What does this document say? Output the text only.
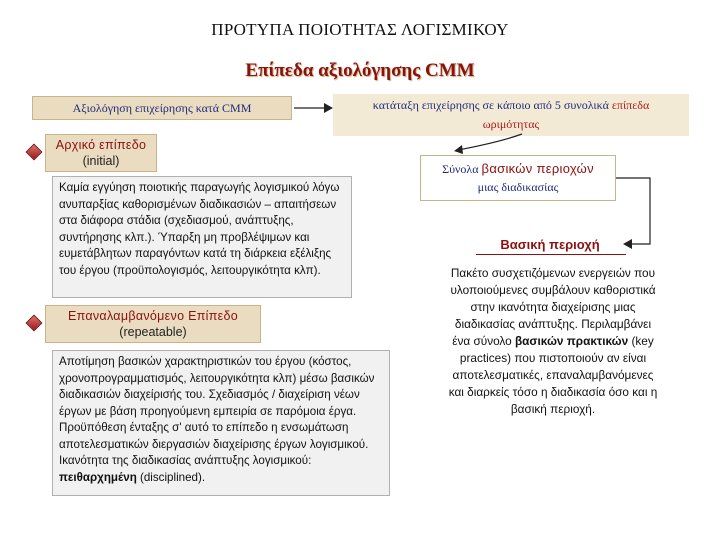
ΠΡΟΤΥΠΑ ΠΟΙΟΤΗΤΑΣ ΛΟΓΙΣΜΙΚΟΥ
Επίπεδα αξιολόγησης CMM
Αξιολόγηση επιχείρησης κατά CMM	κατάταξη επιχείρησης σε κάποιο από 5 συνολικά επίπεδα
ωριμότητας
Αρχικό επίπεδο
(initial)
Καμία εγγύηση ποιοτικής παραγωγής λογισμικού λόγω ανυπαρξίας καθορισμένων διαδικασιών – απαιτήσεων στα διάφορα στάδια (σχεδιασμού, ανάπτυξης, συντήρησης κλπ.). Ύπαρξη μη προβλέψιμων και ευμετάβλητων παραγόντων κατά τη διάρκεια εξέλιξης του έργου (προϋπολογισμός, λειτουργικότητα κλπ).
Επαναλαμβανόμενο Επίπεδο
(repeatable)
Αποτίμηση βασικών χαρακτηριστικών του έργου (κόστος, χρονοπρογραμματισμός, λειτουργικότητα κλπ) μέσω βασικών διαδικασιών διαχείρισής του. Σχεδιασμός / διαχείριση νέων έργων με βάση προηγούμενη εμπειρία σε παρόμοια έργα. Προϋπόθεση ένταξης σ' αυτό το επίπεδο η ενσωμάτωση αποτελεσματικών διεργασιών διαχείρισης έργων λογισμικού. Ικανότητα της διαδικασίας ανάπτυξης λογισμικού: πειθαρχημένη (disciplined).
Σύνολα βασικών περιοχών
μιας διαδικασίας
Βασική περιοχή
Πακέτο συσχετιζόμενων ενεργειών που υλοποιούμενες συμβάλουν καθοριστικά στην ικανότητα διαχείρισης μιας διαδικασίας ανάπτυξης. Περιλαμβάνει ένα σύνολο βασικών πρακτικών (key practices) που πιστοποιούν αν είναι αποτελεσματικές, επαναλαμβανόμενες και διαρκείς τόσο η διαδικασία όσο και η βασική περιοχή.
